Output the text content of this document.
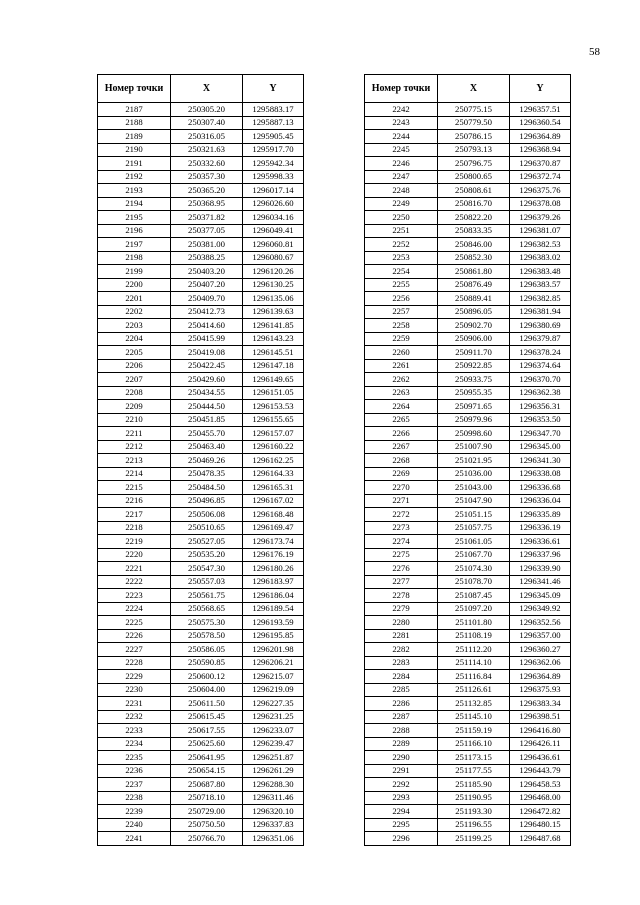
58
Номер точки	X	Y
2187	250305.20	1295883.17
2188	250307.40	1295887.13
2189	250316.05	1295905.45
2190	250321.63	1295917.70
2191	250332.60	1295942.34
2192	250357.30	1295998.33
2193	250365.20	1296017.14
2194	250368.95	1296026.60
2195	250371.82	1296034.16
2196	250377.05	1296049.41
2197	250381.00	1296060.81
2198	250388.25	1296080.67
2199	250403.20	1296120.26
2200	250407.20	1296130.25
2201	250409.70	1296135.06
2202	250412.73	1296139.63
2203	250414.60	1296141.85
2204	250415.99	1296143.23
2205	250419.08	1296145.51
2206	250422.45	1296147.18
2207	250429.60	1296149.65
2208	250434.55	1296151.05
2209	250444.50	1296153.53
2210	250451.85	1296155.65
2211	250455.70	1296157.07
2212	250463.40	1296160.22
2213	250469.26	1296162.25
2214	250478.35	1296164.33
2215	250484.50	1296165.31
2216	250496.85	1296167.02
2217	250506.08	1296168.48
2218	250510.65	1296169.47
2219	250527.05	1296173.74
2220	250535.20	1296176.19
2221	250547.30	1296180.26
2222	250557.03	1296183.97
2223	250561.75	1296186.04
2224	250568.65	1296189.54
2225	250575.30	1296193.59
2226	250578.50	1296195.85
2227	250586.05	1296201.98
2228	250590.85	1296206.21
2229	250600.12	1296215.07
2230	250604.00	1296219.09
2231	250611.50	1296227.35
2232	250615.45	1296231.25
2233	250617.55	1296233.07
2234	250625.60	1296239.47
2235	250641.95	1296251.87
2236	250654.15	1296261.29
2237	250687.80	1296288.30
2238	250718.10	1296311.46
2239	250729.00	1296320.10
2240	250750.50	1296337.83
2241	250766.70	1296351.06
Номер точки	X	Y
2242	250775.15	1296357.51
2243	250779.50	1296360.54
2244	250786.15	1296364.89
2245	250793.13	1296368.94
2246	250796.75	1296370.87
2247	250800.65	1296372.74
2248	250808.61	1296375.76
2249	250816.70	1296378.08
2250	250822.20	1296379.26
2251	250833.35	1296381.07
2252	250846.00	1296382.53
2253	250852.30	1296383.02
2254	250861.80	1296383.48
2255	250876.49	1296383.57
2256	250889.41	1296382.85
2257	250896.05	1296381.94
2258	250902.70	1296380.69
2259	250906.00	1296379.87
2260	250911.70	1296378.24
2261	250922.85	1296374.64
2262	250933.75	1296370.70
2263	250955.35	1296362.38
2264	250971.65	1296356.31
2265	250979.96	1296353.50
2266	250998.60	1296347.70
2267	251007.90	1296345.00
2268	251021.95	1296341.30
2269	251036.00	1296338.08
2270	251043.00	1296336.68
2271	251047.90	1296336.04
2272	251051.15	1296335.89
2273	251057.75	1296336.19
2274	251061.05	1296336.61
2275	251067.70	1296337.96
2276	251074.30	1296339.90
2277	251078.70	1296341.46
2278	251087.45	1296345.09
2279	251097.20	1296349.92
2280	251101.80	1296352.56
2281	251108.19	1296357.00
2282	251112.20	1296360.27
2283	251114.10	1296362.06
2284	251116.84	1296364.89
2285	251126.61	1296375.93
2286	251132.85	1296383.34
2287	251145.10	1296398.51
2288	251159.19	1296416.80
2289	251166.10	1296426.11
2290	251173.15	1296436.61
2291	251177.55	1296443.79
2292	251185.90	1296458.53
2293	251190.95	1296468.00
2294	251193.30	1296472.82
2295	251196.55	1296480.15
2296	251199.25	1296487.68
